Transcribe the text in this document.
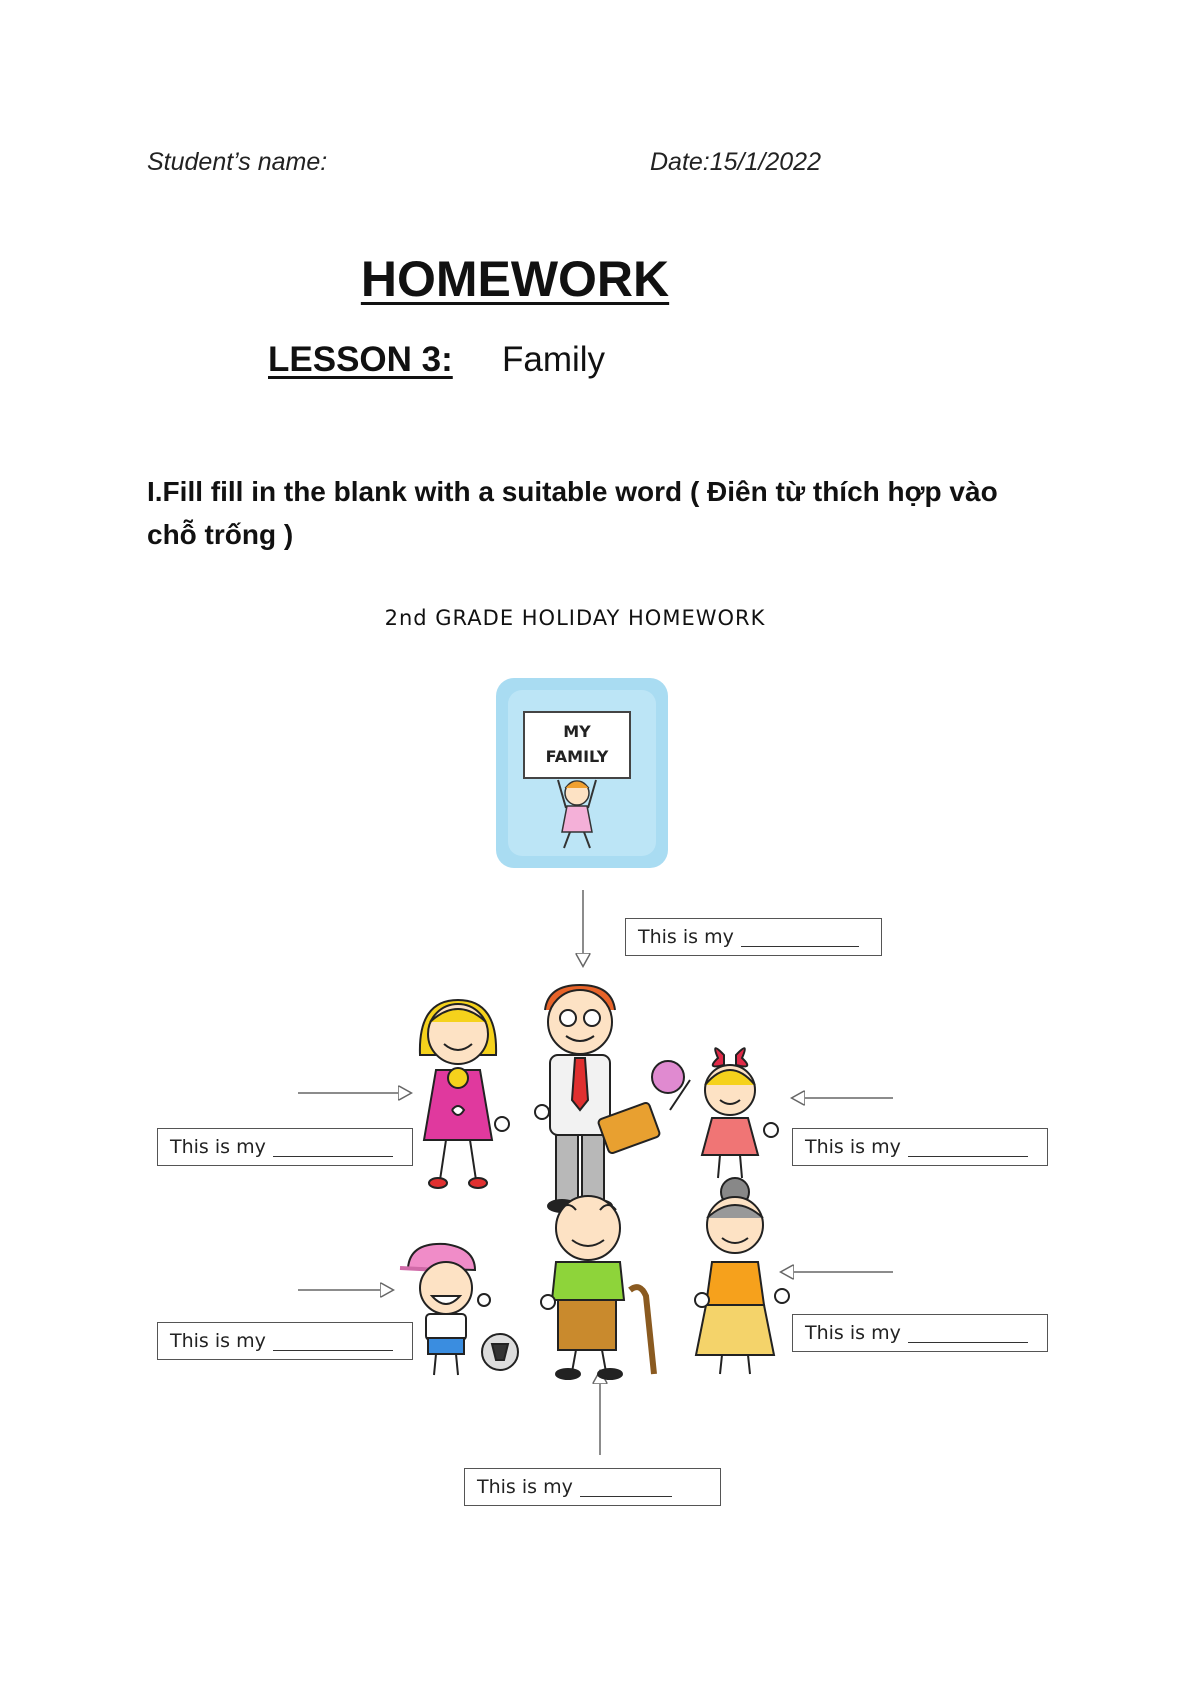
Student’s name:	Date:15/1/2022
HOMEWORK
LESSON 3: Family
I.Fill fill in the blank with a suitable word ( Điên từ thích hợp vào chỗ trống )
2nd GRADE HOLIDAY HOMEWORK
MY
FAMILY
This is my
This is my	This is my
This is my	This is my
This is my
